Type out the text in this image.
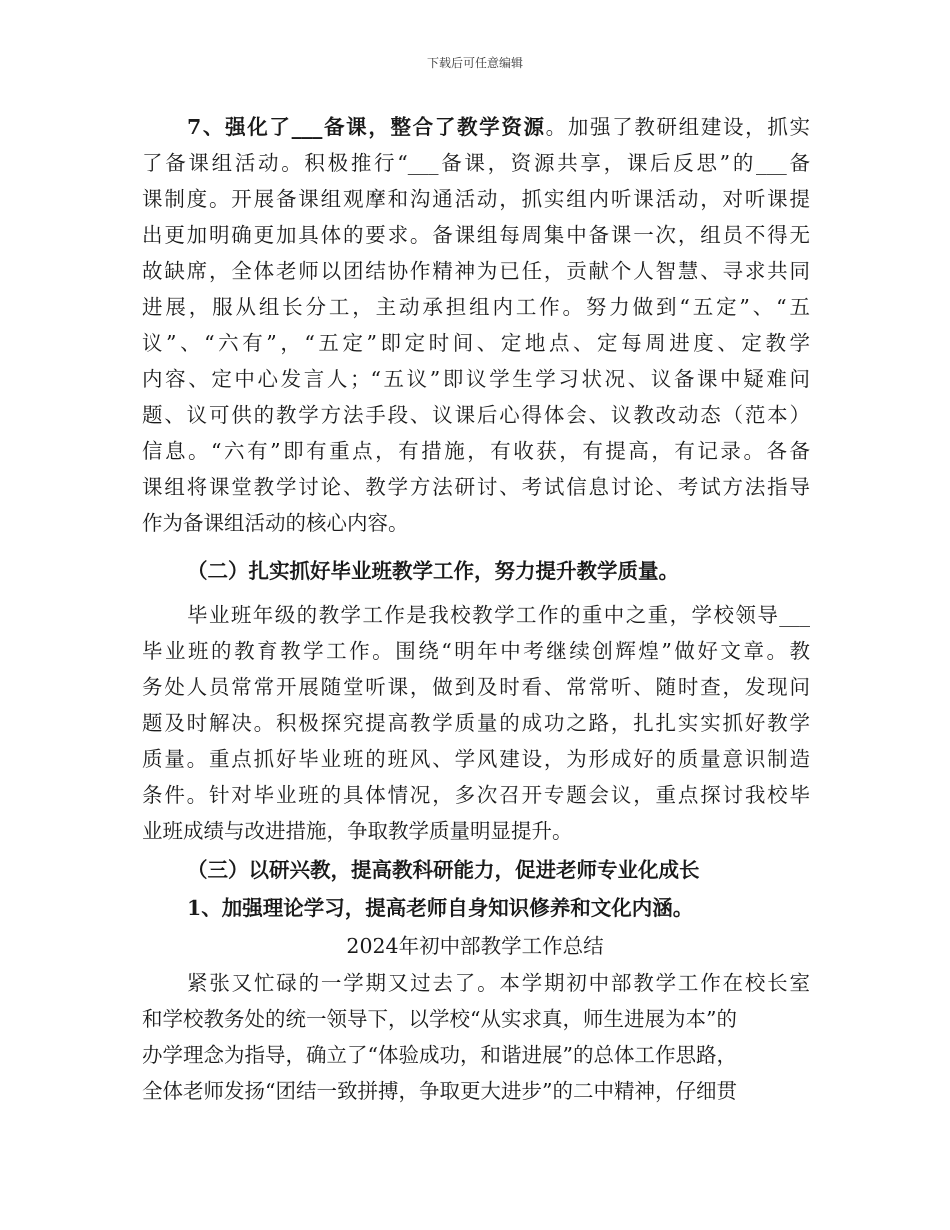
下载后可任意编辑
7、强化了___备课，整合了教学资源。加强了教研组建设，抓实
了备课组活动。积极推行“___备课，资源共享，课后反思”的___备
课制度。开展备课组观摩和沟通活动，抓实组内听课活动，对听课提
出更加明确更加具体的要求。备课组每周集中备课一次，组员不得无
故缺席，全体老师以团结协作精神为已任，贡献个人智慧、寻求共同
进展，服从组长分工，主动承担组内工作。努力做到“五定”、“五
议”、“六有”，“五定”即定时间、定地点、定每周进度、定教学
内容、定中心发言人；“五议”即议学生学习状况、议备课中疑难问
题、议可供的教学方法手段、议课后心得体会、议教改动态（范本）
信息。“六有”即有重点，有措施，有收获，有提高，有记录。各备
课组将课堂教学讨论、教学方法研讨、考试信息讨论、考试方法指导
作为备课组活动的核心内容。
（二）扎实抓好毕业班教学工作，努力提升教学质量。
毕业班年级的教学工作是我校教学工作的重中之重，学校领导___
毕业班的教育教学工作。围绕“明年中考继续创辉煌”做好文章。教
务处人员常常开展随堂听课，做到及时看、常常听、随时查，发现问
题及时解决。积极探究提高教学质量的成功之路，扎扎实实抓好教学
质量。重点抓好毕业班的班风、学风建设，为形成好的质量意识制造
条件。针对毕业班的具体情况，多次召开专题会议，重点探讨我校毕
业班成绩与改进措施，争取教学质量明显提升。
（三）以研兴教，提高教科研能力，促进老师专业化成长
1、加强理论学习，提高老师自身知识修养和文化内涵。
2024年初中部教学工作总结
紧张又忙碌的一学期又过去了。本学期初中部教学工作在校长室
和学校教务处的统一领导下，以学校“从实求真，师生进展为本”的
办学理念为指导，确立了“体验成功，和谐进展”的总体工作思路，
全体老师发扬“团结一致拼搏，争取更大进步”的二中精神，仔细贯
